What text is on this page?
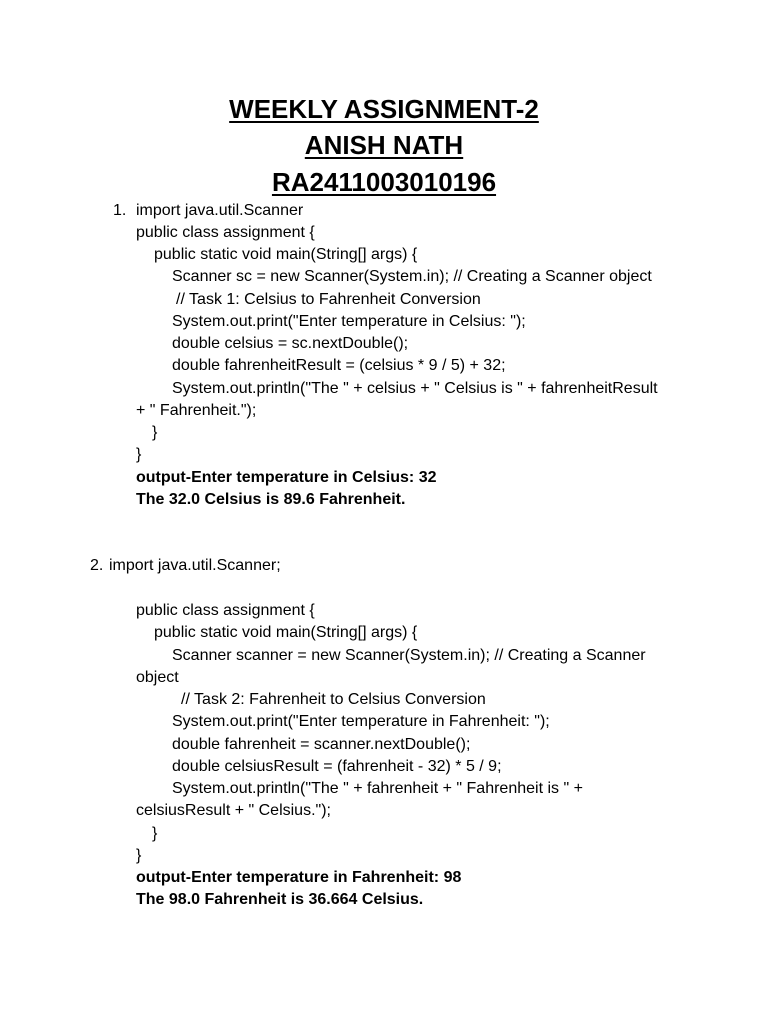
WEEKLY ASSIGNMENT-2
ANISH NATH
RA2411003010196
1. import java.util.Scanner
public class assignment {
public static void main(String[] args) {
Scanner sc = new Scanner(System.in); // Creating a Scanner object
// Task 1: Celsius to Fahrenheit Conversion
System.out.print("Enter temperature in Celsius: ");
double celsius = sc.nextDouble();
double fahrenheitResult = (celsius * 9 / 5) + 32;
System.out.println("The " + celsius + " Celsius is " + fahrenheitResult
+ " Fahrenheit.");
}
}
output-Enter temperature in Celsius: 32
The 32.0 Celsius is 89.6 Fahrenheit.
2. import java.util.Scanner;
public class assignment {
public static void main(String[] args) {
Scanner scanner = new Scanner(System.in); // Creating a Scanner
object
// Task 2: Fahrenheit to Celsius Conversion
System.out.print("Enter temperature in Fahrenheit: ");
double fahrenheit = scanner.nextDouble();
double celsiusResult = (fahrenheit - 32) * 5 / 9;
System.out.println("The " + fahrenheit + " Fahrenheit is " +
celsiusResult + " Celsius.");
}
}
output-Enter temperature in Fahrenheit: 98
The 98.0 Fahrenheit is 36.664 Celsius.
